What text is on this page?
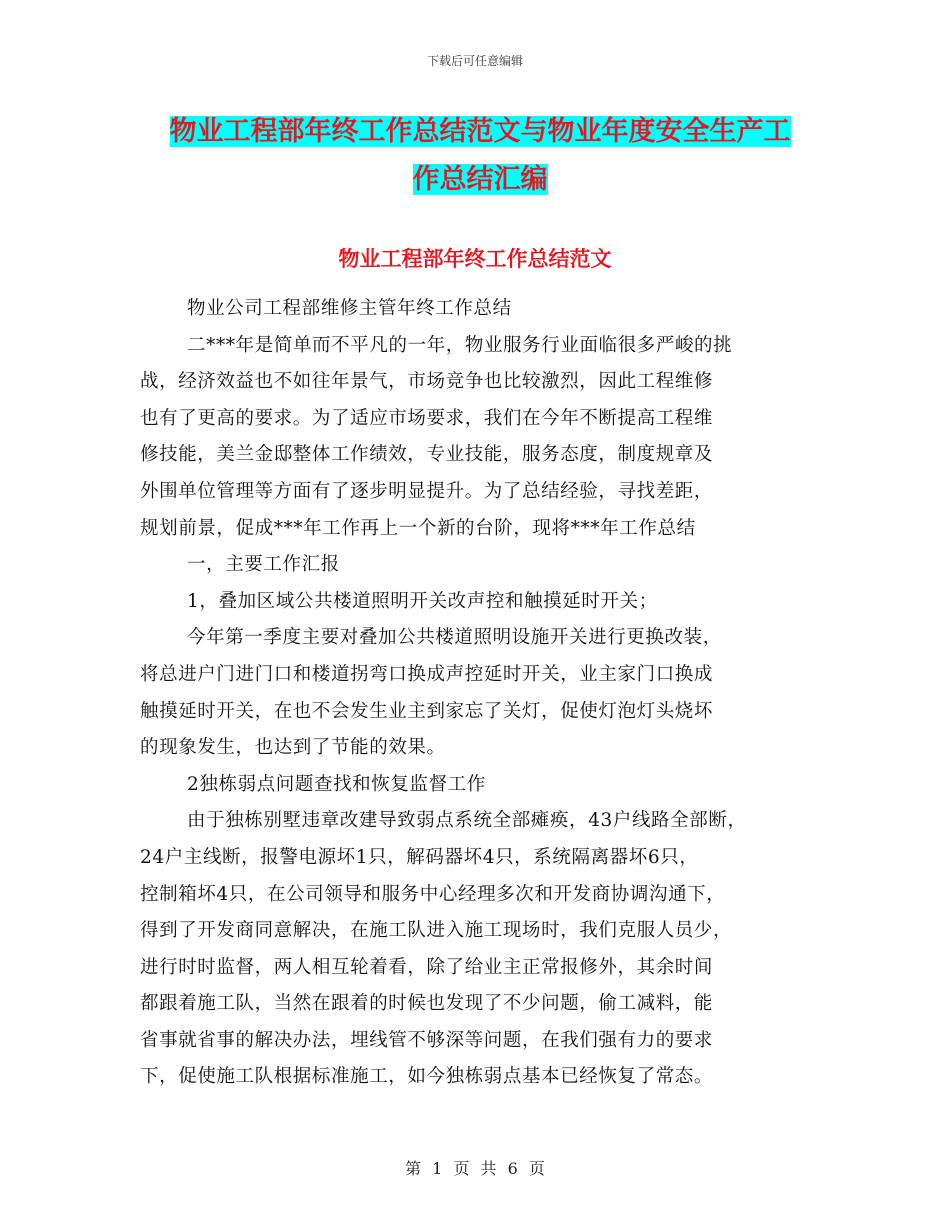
下载后可任意编辑
物业工程部年终工作总结范文与物业年度安全生产工
作总结汇编
物业工程部年终工作总结范文
物业公司工程部维修主管年终工作总结
二***年是简单而不平凡的一年，物业服务行业面临很多严峻的挑
战，经济效益也不如往年景气，市场竞争也比较激烈，因此工程维修
也有了更高的要求。为了适应市场要求，我们在今年不断提高工程维
修技能，美兰金邸整体工作绩效，专业技能，服务态度，制度规章及
外围单位管理等方面有了逐步明显提升。为了总结经验，寻找差距，
规划前景，促成***年工作再上一个新的台阶，现将***年工作总结
一，主要工作汇报
1，叠加区域公共楼道照明开关改声控和触摸延时开关；
今年第一季度主要对叠加公共楼道照明设施开关进行更换改装，
将总进户门进门口和楼道拐弯口换成声控延时开关，业主家门口换成
触摸延时开关，在也不会发生业主到家忘了关灯，促使灯泡灯头烧坏
的现象发生，也达到了节能的效果。
2独栋弱点问题查找和恢复监督工作
由于独栋别墅违章改建导致弱点系统全部瘫痪，43户线路全部断，
24户主线断，报警电源坏1只，解码器坏4只，系统隔离器坏6只，
控制箱坏4只，在公司领导和服务中心经理多次和开发商协调沟通下，
得到了开发商同意解决，在施工队进入施工现场时，我们克服人员少，
进行时时监督，两人相互轮着看，除了给业主正常报修外，其余时间
都跟着施工队，当然在跟着的时候也发现了不少问题，偷工减料，能
省事就省事的解决办法，埋线管不够深等问题，在我们强有力的要求
下，促使施工队根据标准施工，如今独栋弱点基本已经恢复了常态。
第 1 页 共 6 页
